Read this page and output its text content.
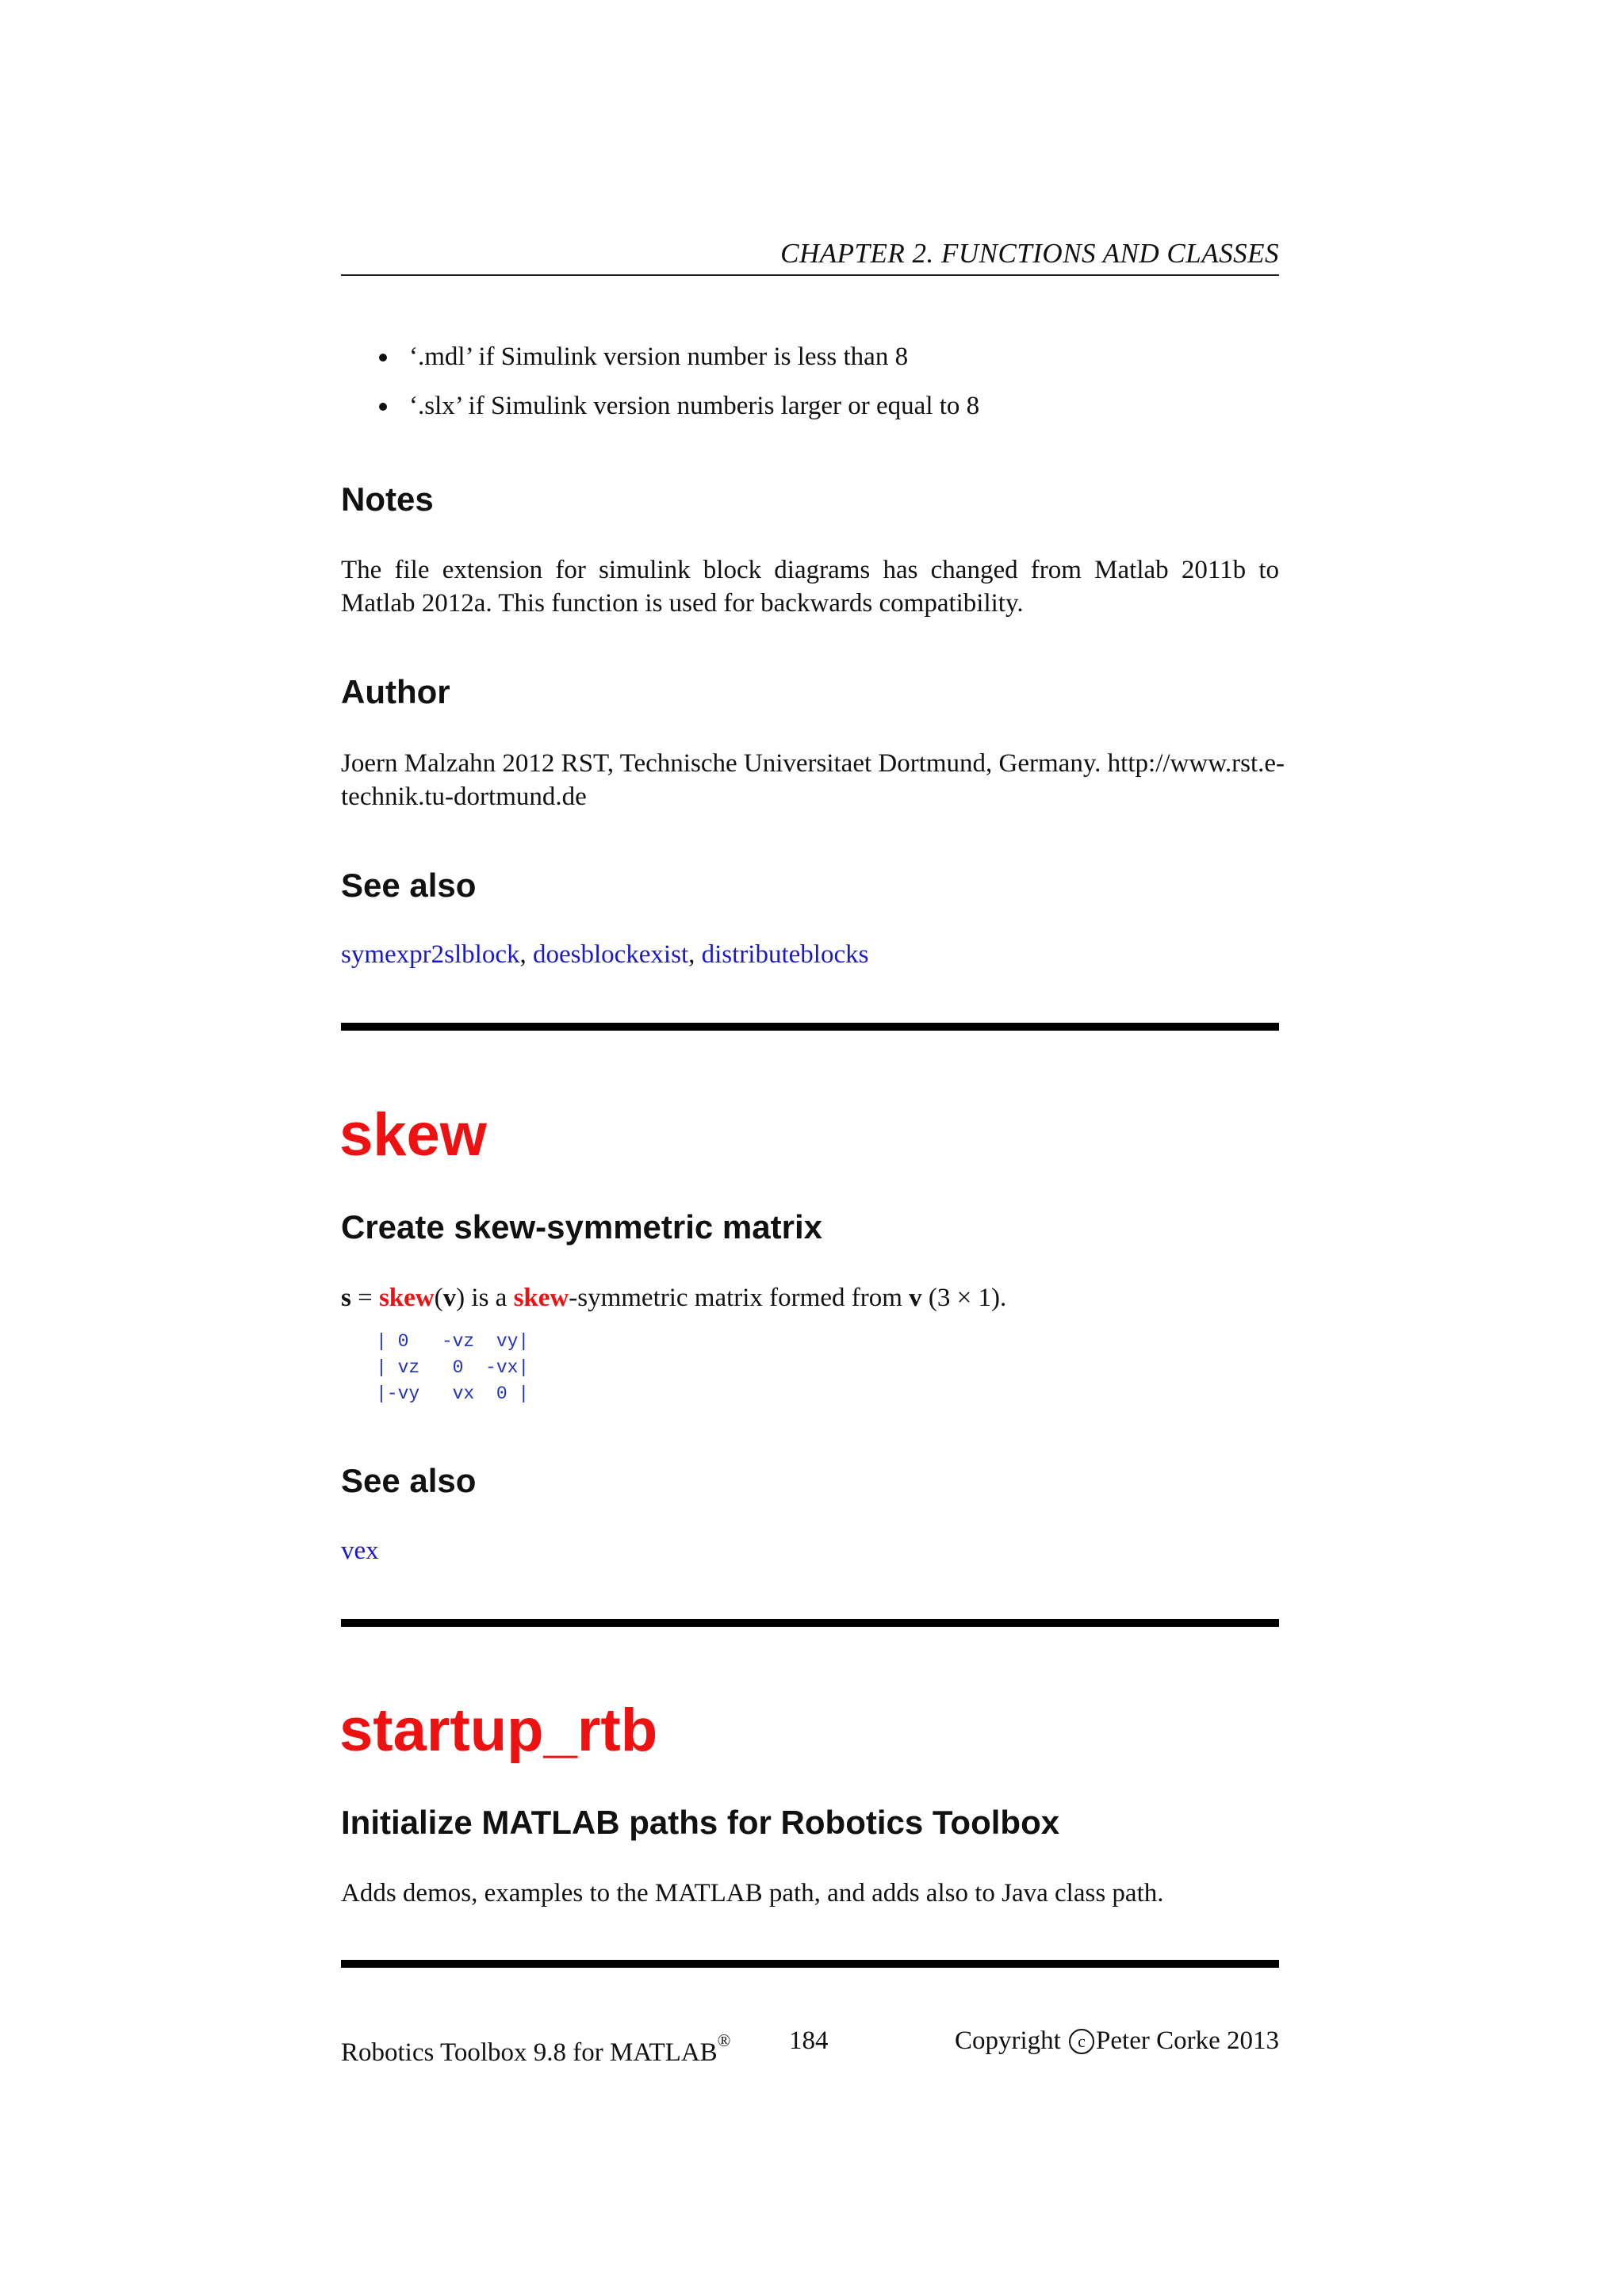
CHAPTER 2. FUNCTIONS AND CLASSES
‘.mdl’ if Simulink version number is less than 8
‘.slx’ if Simulink version numberis larger or equal to 8
Notes

The file extension for simulink block diagrams has changed from Matlab 2011b to Matlab 2012a. This function is used for backwards compatibility.

Author

Joern Malzahn 2012 RST, Technische Universitaet Dortmund, Germany. http://www.rst.e-technik.tu-dortmund.de

See also
symexpr2slblock, doesblockexist, distributeblocks
skew
Create skew-symmetric matrix
s = skew(v) is a skew-symmetric matrix formed from v (3 × 1).
| 0   -vz  vy|
| vz   0  -vx|
|-vy   vx  0 |
See also
vex
startup_rtb
Initialize MATLAB paths for Robotics Toolbox

Adds demos, examples to the MATLAB path, and adds also to Java class path.

Robotics Toolbox 9.8 for MATLAB® 184	Copyright c Peter Corke 2013
